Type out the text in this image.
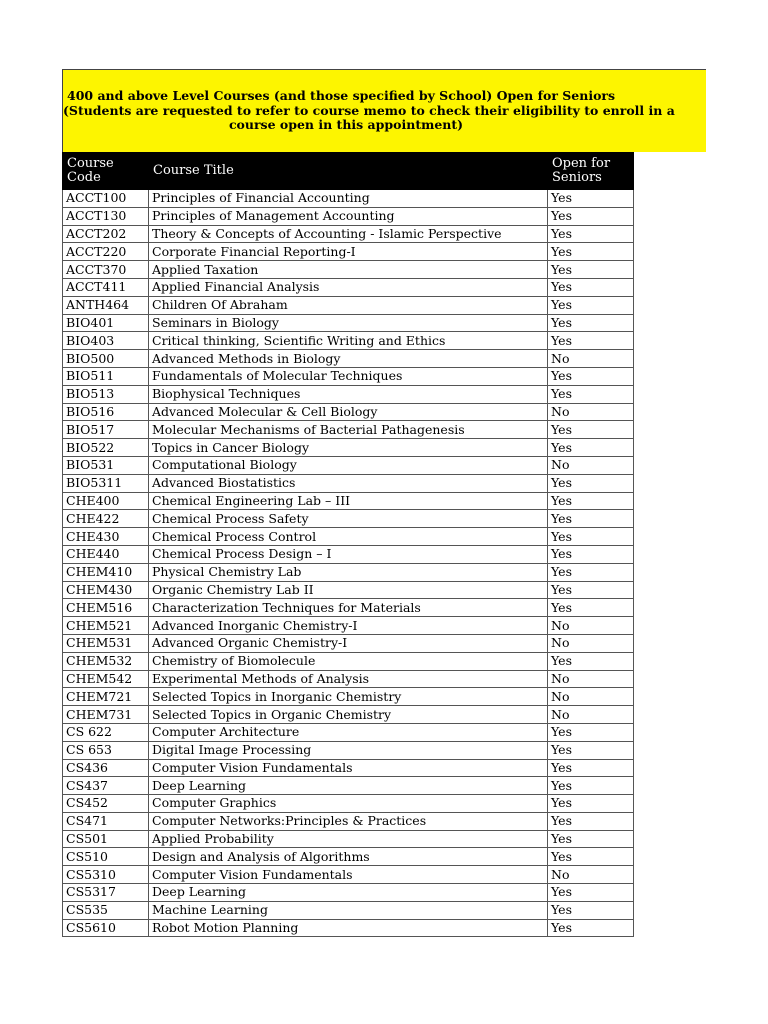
400 and above Level Courses (and those specified by School) Open for Seniors
(Students are requested to refer to course memo to check their eligibility to enroll in a
course open in this appointment)
Course Code	Course Title	Open for Seniors
ACCT100	Principles of Financial Accounting	Yes
ACCT130	Principles of Management Accounting	Yes
ACCT202	Theory & Concepts of Accounting - Islamic Perspective	Yes
ACCT220	Corporate Financial Reporting-I	Yes
ACCT370	Applied Taxation	Yes
ACCT411	Applied Financial Analysis	Yes
ANTH464	Children Of Abraham	Yes
BIO401	Seminars in Biology	Yes
BIO403	Critical thinking, Scientific Writing and Ethics	Yes
BIO500	Advanced Methods in Biology	No
BIO511	Fundamentals of Molecular Techniques	Yes
BIO513	Biophysical Techniques	Yes
BIO516	Advanced Molecular & Cell Biology	No
BIO517	Molecular Mechanisms of Bacterial Pathagenesis	Yes
BIO522	Topics in Cancer Biology	Yes
BIO531	Computational Biology	No
BIO5311	Advanced Biostatistics	Yes
CHE400	Chemical Engineering Lab – III	Yes
CHE422	Chemical Process Safety	Yes
CHE430	Chemical Process Control	Yes
CHE440	Chemical Process Design – I	Yes
CHEM410	Physical Chemistry Lab	Yes
CHEM430	Organic Chemistry Lab II	Yes
CHEM516	Characterization Techniques for Materials	Yes
CHEM521	Advanced Inorganic Chemistry-I	No
CHEM531	Advanced Organic Chemistry-I	No
CHEM532	Chemistry of Biomolecule	Yes
CHEM542	Experimental Methods of Analysis	No
CHEM721	Selected Topics in Inorganic Chemistry	No
CHEM731	Selected Topics in Organic Chemistry	No
CS 622	Computer Architecture	Yes
CS 653	Digital Image Processing	Yes
CS436	Computer Vision Fundamentals	Yes
CS437	Deep Learning	Yes
CS452	Computer Graphics	Yes
CS471	Computer Networks:Principles & Practices	Yes
CS501	Applied Probability	Yes
CS510	Design and Analysis of Algorithms	Yes
CS5310	Computer Vision Fundamentals	No
CS5317	Deep Learning	Yes
CS535	Machine Learning	Yes
CS5610	Robot Motion Planning	Yes
